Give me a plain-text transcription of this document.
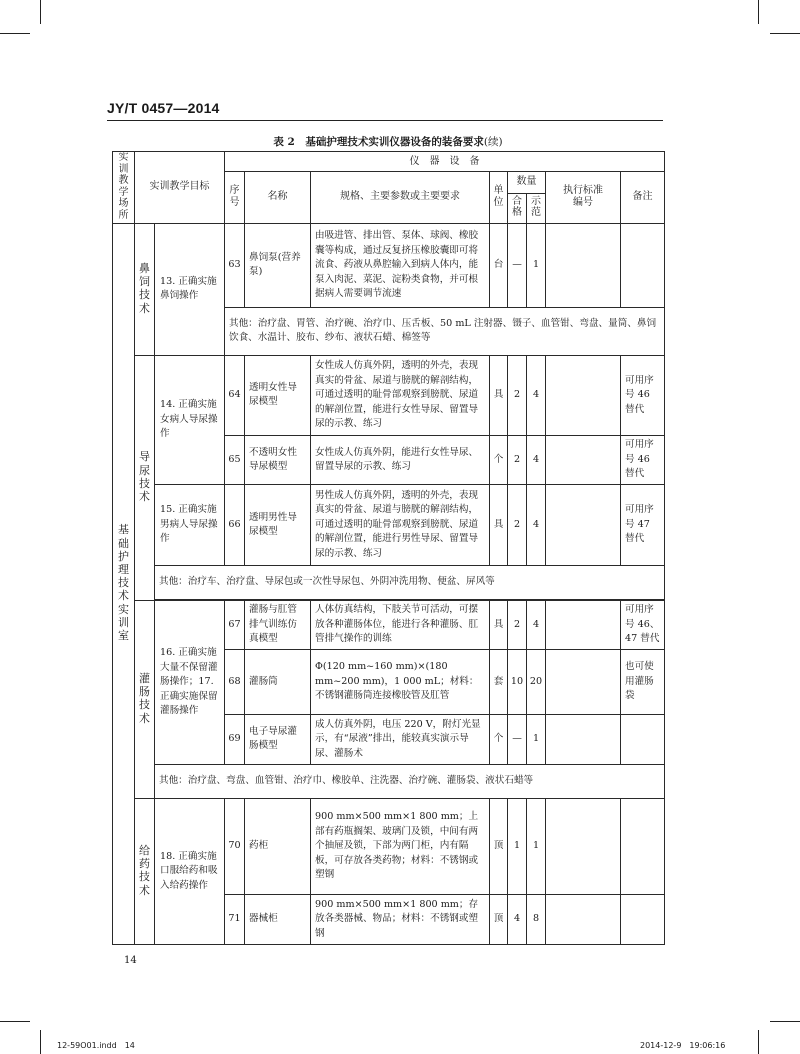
JY/T 0457—2014
表 2　基础护理技术实训仪器设备的装备要求(续)
实训教学场所	实训教学目标		仪　器　设　备							
			序号	名称	规格、主要参数或主要要求	单位	数量		执行标准编号	备注
							合格	示范		
基础护理技术实训室	鼻饲技术	13. 正确实施鼻饲操作	63	鼻饲泵(营养泵)	由吸进管、排出管、泵体、球阀、橡胶囊等构成，通过反复挤压橡胶囊即可将流食、药液从鼻腔输入到病人体内，能泵入肉泥、菜泥、淀粉类食物，并可根据病人需要调节流速	台	—	1		
			其他：治疗盘、胃管、治疗碗、治疗巾、压舌板、50 mL 注射器、镊子、血管钳、弯盘、量筒、鼻饲饮食、水温计、胶布、纱布、液状石蜡、棉签等							
	导尿技术	14. 正确实施女病人导尿操作	64	透明女性导尿模型	女性成人仿真外阴，透明的外壳，表现真实的骨盆、尿道与膀胱的解剖结构，可通过透明的耻骨部观察到膀胱、尿道的解剖位置，能进行女性导尿、留置导尿的示教、练习	具	2	4		可用序号 46 替代
			65	不透明女性导尿模型	女性成人仿真外阴，能进行女性导尿、留置导尿的示教、练习	个	2	4		可用序号 46 替代
		15. 正确实施男病人导尿操作	66	透明男性导尿模型	男性成人仿真外阴，透明的外壳，表现真实的骨盆、尿道与膀胱的解剖结构，可通过透明的耻骨部观察到膀胱、尿道的解剖位置，能进行男性导尿、留置导尿的示教、练习	具	2	4		可用序号 47 替代
		其他：治疗车、治疗盘、导尿包或一次性导尿包、外阴冲洗用物、便盆、屏风等								

	灌肠技术	16. 正确实施大量不保留灌肠操作；17. 正确实施保留灌肠操作	67	灌肠与肛管排气训练仿真模型	人体仿真结构，下肢关节可活动，可摆放各种灌肠体位，能进行各种灌肠、肛管排气操作的训练	具	2	4		可用序号 46、47 替代
			68	灌肠筒	Φ(120 mm~160 mm)×(180 mm~200 mm)，1 000 mL；材料：不锈钢灌肠筒连接橡胶管及肛管	套	10	20		也可使用灌肠袋
			69	电子导尿灌肠模型	成人仿真外阴，电压 220 V，附灯光显示，有“尿液”排出，能较真实演示导尿、灌肠术	个	—	1		
		其他：治疗盘、弯盘、血管钳、治疗巾、橡胶单、注洗器、治疗碗、灌肠袋、液状石蜡等								
	给药技术	18. 正确实施口服给药和吸入给药操作	70	药柜	900 mm×500 mm×1 800 mm；上部有药瓶搁架、玻璃门及锁，中间有两个抽屉及锁，下部为两门柜，内有隔板，可存放各类药物；材料：不锈钢或塑钢	顶	1	1		
			71	器械柜	900 mm×500 mm×1 800 mm；存放各类器械、物品；材料：不锈钢或塑钢	顶	4	8		
14
12-59O01.indd　14	2014-12-9　19:06:16
